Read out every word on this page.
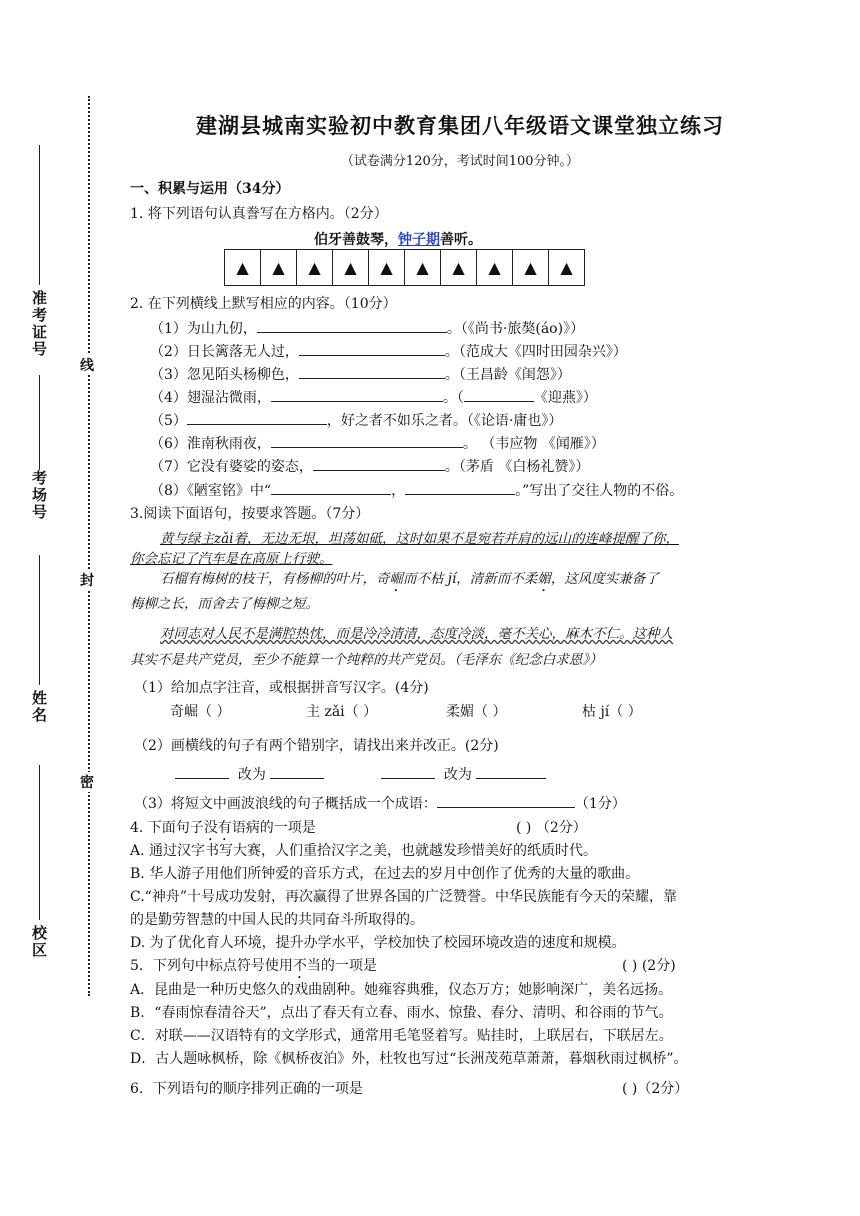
准考证号
考场号
姓名
校区
线
封
密
建湖县城南实验初中教育集团八年级语文课堂独立练习
（试卷满分120分，考试时间100分钟。）
一、积累与运用（34分）
1. 将下列语句认真誊写在方格内。（2分）
伯牙善鼓琴，钟子期善听。
▲	▲	▲	▲	▲	▲	▲	▲	▲	▲
2. 在下列横线上默写相应的内容。（10分）
（1）为山九仞，	。（《尚书·旅獒(áo)》）
（2）日长篱落无人过，	。（范成大《四时田园杂兴》）
（3）忽见陌头杨柳色，	。（王昌龄《闺怨》）
（4）翅湿沾微雨，	。（	《迎燕》）
（5）	，好之者不如乐之者。（《论语·庸也》）
（6）淮南秋雨夜，	。 （韦应物 《闻雁》）
（7）它没有婆娑的姿态，	。（茅盾 《白杨礼赞》）
（8）《陋室铭》中“	，	。”写出了交往人物的不俗。
3.阅读下面语句，按要求答题。（7分）
黄与绿主zǎi着，无边无垠，坦荡如砥，这时如果不是宛若并肩的远山的连峰提醒了你，
你会忘记了汽车是在高原上行驶。
石榴有梅树的枝干，有杨柳的叶片，奇崛而不枯 jí，清新而不柔媚，这风度实兼备了
梅柳之长，而舍去了梅柳之短。
对同志对人民不是满腔热忱，而是冷冷清清，态度冷淡，毫不关心，麻木不仁。这种人
其实不是共产党员，至少不能算一个纯粹的共产党员。（毛泽东《纪念白求恩》）
（1）给加点字注音，或根据拼音写汉字。(4分)
奇崛（ ）	主 zǎi（ ）	柔媚（ ）	枯 jí（ ）
（2）画横线的句子有两个错别字，请找出来并改正。(2分)
改为	改为
（3）将短文中画波浪线的句子概括成一个成语：	（1分）
4. 下面句子没有语病的一项是	( ) （2分）
A. 通过汉字书写大赛，人们重拾汉字之美，也就越发珍惜美好的纸质时代。
B. 华人游子用他们所钟爱的音乐方式，在过去的岁月中创作了优秀的大量的歌曲。
C.“神舟”十号成功发射，再次赢得了世界各国的广泛赞誉。中华民族能有今天的荣耀，靠
的是勤劳智慧的中国人民的共同奋斗所取得的。
D. 为了优化育人环境，提升办学水平，学校加快了校园环境改造的速度和规模。
5．下列句中标点符号使用不当的一项是	( ) (2分)
A．昆曲是一种历史悠久的戏曲剧种。她雍容典雅，仪态万方；她影响深广，美名远扬。
B．“春雨惊春清谷天”，点出了春天有立春、雨水、惊蛰、春分、清明、和谷雨的节气。
C．对联——汉语特有的文学形式，通常用毛笔竖着写。贴挂时，上联居右，下联居左。
D．古人题咏枫桥，除《枫桥夜泊》外，杜牧也写过“长洲茂苑草萧萧，暮烟秋雨过枫桥”。
6．下列语句的顺序排列正确的一项是	( )（2分）
